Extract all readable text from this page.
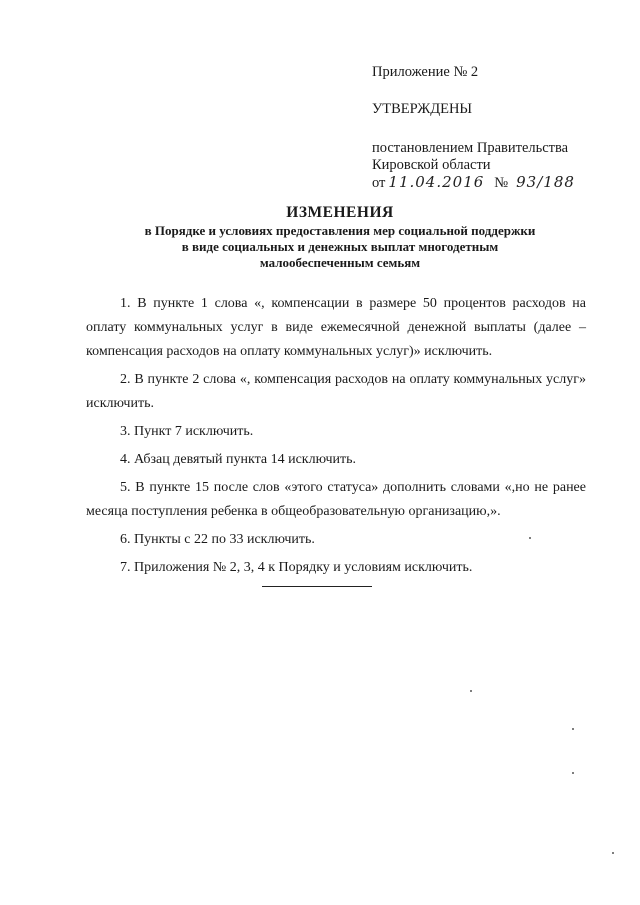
Приложение № 2
УТВЕРЖДЕНЫ
постановлением Правительства
Кировской области
от 11.04.2016 № 93/188
ИЗМЕНЕНИЯ

в Порядке и условиях предоставления мер социальной поддержки

в виде социальных и денежных выплат многодетным

малообеспеченным семьям

1. В пункте 1 слова «, компенсации в размере 50 процентов расходов на оплату коммунальных услуг в виде ежемесячной денежной выплаты (далее – компенсация расходов на оплату коммунальных услуг)» исключить.

2. В пункте 2 слова «, компенсация расходов на оплату коммунальных услуг» исключить.

3. Пункт 7 исключить.

4. Абзац девятый пункта 14 исключить.

5. В пункте 15 после слов «этого статуса» дополнить словами «,но не ранее месяца поступления ребенка в общеобразовательную организацию,».

6. Пункты с 22 по 33 исключить.

7. Приложения № 2, 3, 4 к Порядку и условиям исключить.
